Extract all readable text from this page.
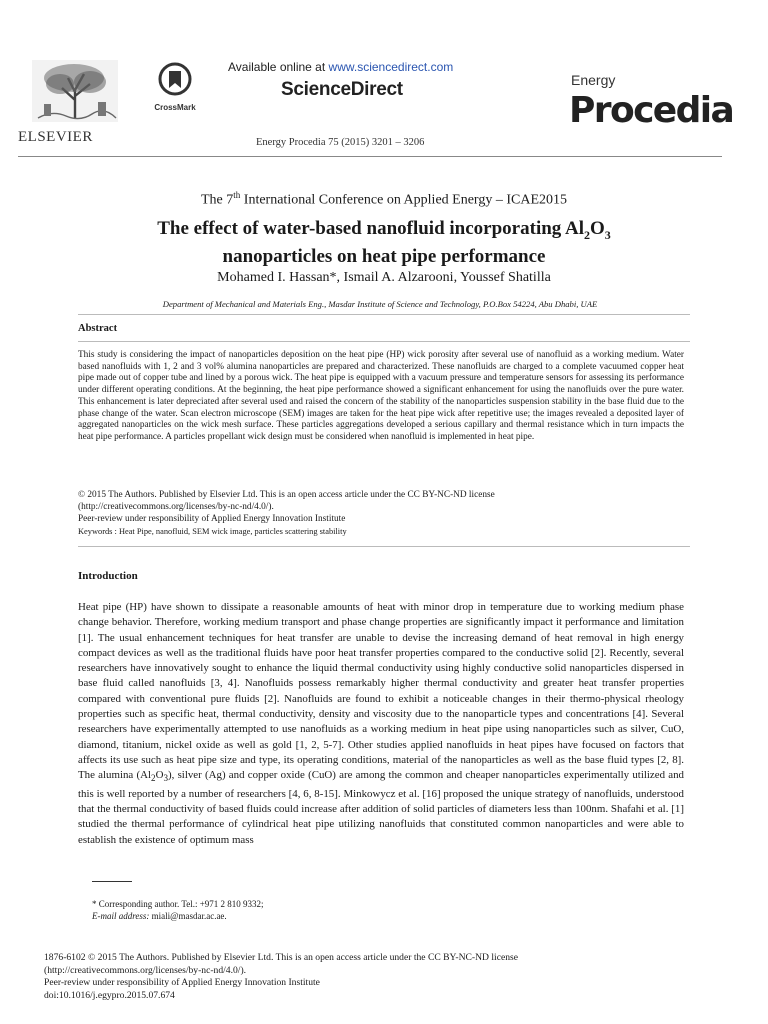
ELSEVIER
CrossMark
Available online at www.sciencedirect.com
ScienceDirect
Energy Procedia 75 (2015) 3201 – 3206
Energy
Procedia
The 7th International Conference on Applied Energy – ICAE2015
The effect of water-based nanofluid incorporating $Al_2O_3$
nanoparticles on heat pipe performance
Mohamed I. Hassan*, Ismail A. Alzarooni, Youssef Shatilla
Department of Mechanical and Materials Eng., Masdar Institute of Science and Technology, P.O.Box 54224, Abu Dhabi, UAE
Abstract

This study is considering the impact of nanoparticles deposition on the heat pipe (HP) wick porosity after several use of nanofluid as a working medium. Water based nanofluids with 1, 2 and 3 vol% alumina nanoparticles are prepared and characterized. These nanofluids are charged to a complete vacuumed copper heat pipe made out of copper tube and lined by a porous wick. The heat pipe is equipped with a vacuum pressure and temperature sensors for assessing its performance under different operating conditions. At the beginning, the heat pipe performance showed a significant enhancement for using the nanofluids over the pure water. This enhancement is later depreciated after several used and raised the concern of the stability of the nanoparticles suspension stability in the base fluid due to the phase change of the water. Scan electron microscope (SEM) images are taken for the heat pipe wick after repetitive use; the images revealed a deposited layer of aggregated nanoparticles on the wick mesh surface. These particles aggregations developed a serious capillary and thermal resistance which in turn impacts the heat pipe performance. A particles propellant wick design must be considered when nanofluid is implemented in heat pipe.

© 2015 The Authors. Published by Elsevier Ltd. This is an open access article under the CC BY-NC-ND license
(http://creativecommons.org/licenses/by-nc-nd/4.0/).
Peer-review under responsibility of Applied Energy Innovation Institute
Keywords : Heat Pipe, nanofluid, SEM wick image, particles scattering stability
Introduction

Heat pipe (HP) have shown to dissipate a reasonable amounts of heat with minor drop in temperature due to working medium phase change behavior. Therefore, working medium transport and phase change properties are significantly impact it performance and limitation [1]. The usual enhancement techniques for heat transfer are unable to devise the increasing demand of heat removal in high energy compact devices as well as the traditional fluids have poor heat transfer properties compared to the conductive solid [2]. Recently, several researchers have innovatively sought to enhance the liquid thermal conductivity using highly conductive solid nanoparticles dispersed in base fluid called nanofluids [3, 4]. Nanofluids possess remarkably higher thermal conductivity and greater heat transfer properties compared with conventional pure fluids [2]. Nanofluids are found to exhibit a noticeable changes in their thermo-physical rheology properties such as specific heat, thermal conductivity, density and viscosity due to the nanoparticle types and concentrations [4]. Several researchers have experimentally attempted to use nanofluids as a working medium in heat pipe using nanoparticles such as silver, CuO, diamond, titanium, nickel oxide as well as gold [1, 2, 5-7]. Other studies applied nanofluids in heat pipes have focused on factors that affects its use such as heat pipe size and type, its operating conditions, material of the nanoparticles as well as the base fluid types [2, 8]. The alumina $(Al_2O_3)$, silver (Ag) and copper oxide (CuO) are among the common and cheaper nanoparticles experimentally utilized and this is well reported by a number of researchers [4, 6, 8-15]. Minkowycz et al. [16] proposed the unique strategy of nanofluids, understood that the thermal conductivity of based fluids could increase after addition of solid particles of diameters less than 100nm. Shafahi et al. [1] studied the thermal performance of cylindrical heat pipe utilizing nanofluids that constituted common nanoparticles and were able to establish the existence of optimum mass

* Corresponding author. Tel.: +971 2 810 9332;
E-mail address: miali@masdar.ac.ae.
1876-6102 © 2015 The Authors. Published by Elsevier Ltd. This is an open access article under the CC BY-NC-ND license
(http://creativecommons.org/licenses/by-nc-nd/4.0/).
Peer-review under responsibility of Applied Energy Innovation Institute
doi:10.1016/j.egypro.2015.07.674
